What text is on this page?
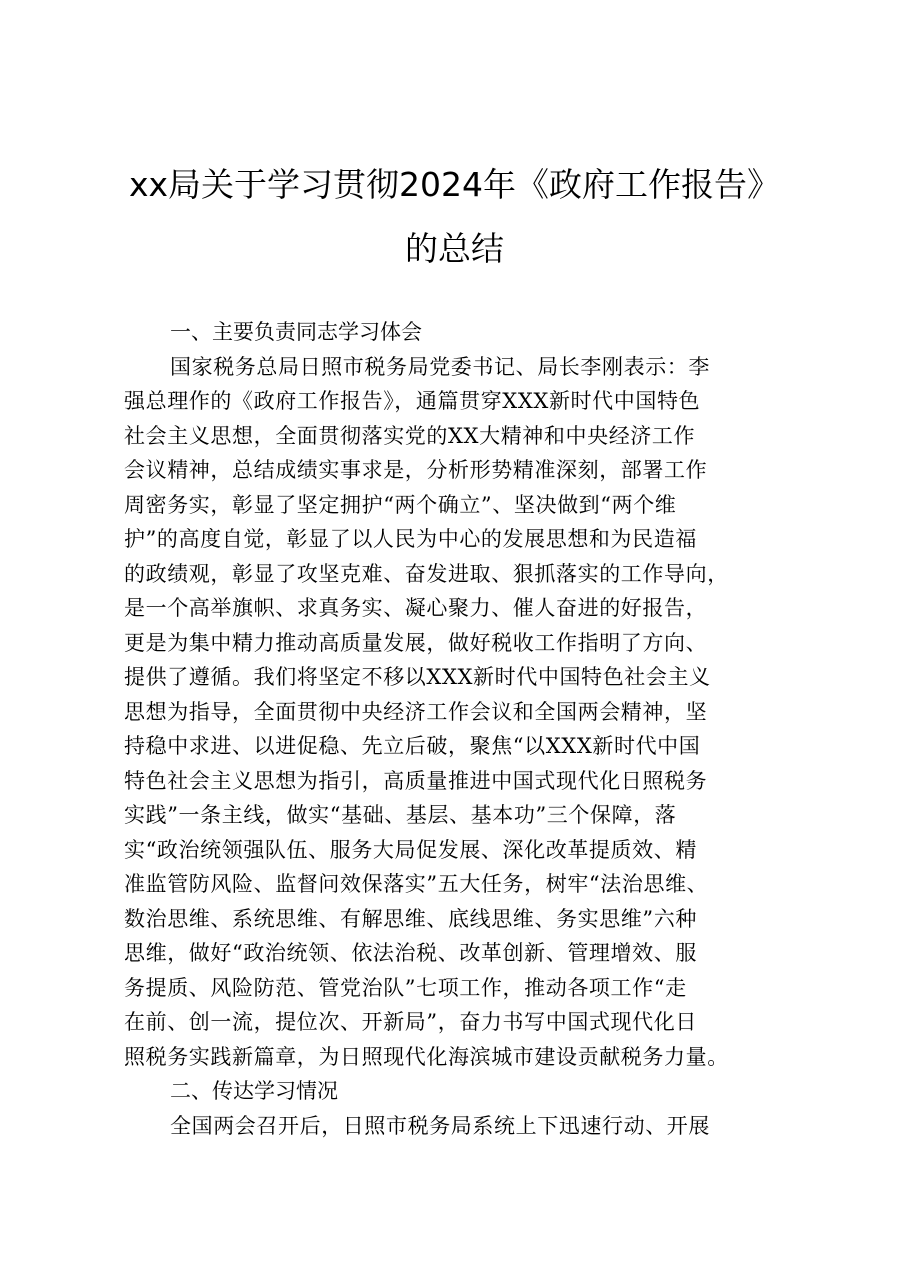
xx局关于学习贯彻2024年《政府工作报告》
的总结
一、主要负责同志学习体会
国家税务总局日照市税务局党委书记、局长李刚表示：李
强总理作的《政府工作报告》，通篇贯穿XXX新时代中国特色
社会主义思想，全面贯彻落实党的XX大精神和中央经济工作
会议精神，总结成绩实事求是，分析形势精准深刻，部署工作
周密务实，彰显了坚定拥护“两个确立”、坚决做到“两个维
护”的高度自觉，彰显了以人民为中心的发展思想和为民造福
的政绩观，彰显了攻坚克难、奋发进取、狠抓落实的工作导向，
是一个高举旗帜、求真务实、凝心聚力、催人奋进的好报告，
更是为集中精力推动高质量发展，做好税收工作指明了方向、
提供了遵循。我们将坚定不移以XXX新时代中国特色社会主义
思想为指导，全面贯彻中央经济工作会议和全国两会精神，坚
持稳中求进、以进促稳、先立后破，聚焦“以XXX新时代中国
特色社会主义思想为指引，高质量推进中国式现代化日照税务
实践”一条主线，做实“基础、基层、基本功”三个保障，落
实“政治统领强队伍、服务大局促发展、深化改革提质效、精
准监管防风险、监督问效保落实”五大任务，树牢“法治思维、
数治思维、系统思维、有解思维、底线思维、务实思维”六种
思维，做好“政治统领、依法治税、改革创新、管理增效、服
务提质、风险防范、管党治队”七项工作，推动各项工作“走
在前、创一流，提位次、开新局”，奋力书写中国式现代化日
照税务实践新篇章，为日照现代化海滨城市建设贡献税务力量。
二、传达学习情况
全国两会召开后，日照市税务局系统上下迅速行动、开展
